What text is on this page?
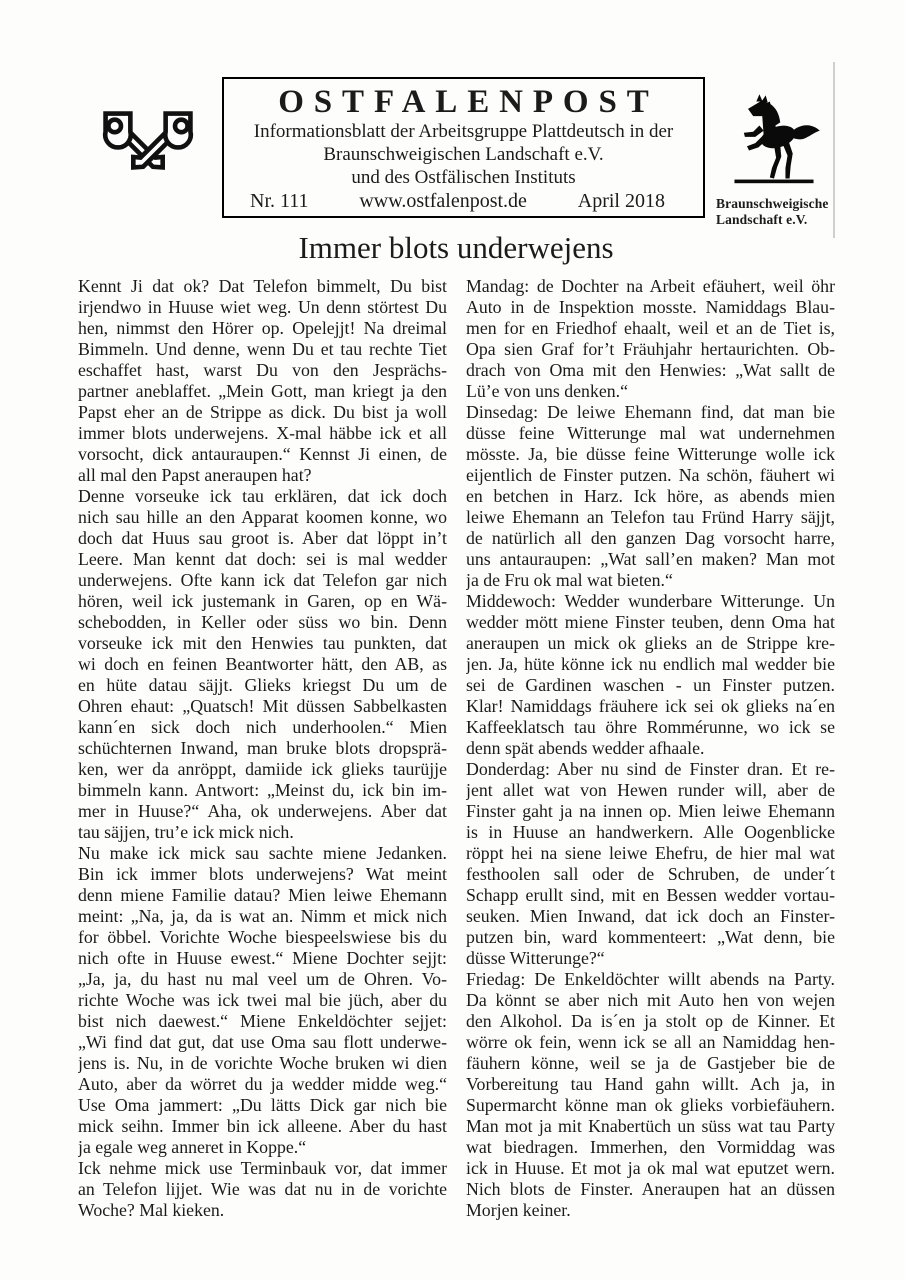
OSTFALENPOST
Informationsblatt der Arbeitsgruppe Plattdeutsch in der
Braunschweigischen Landschaft e.V.
und des Ostfälischen Instituts
Nr. 111	www.ostfalenpost.de	April 2018	Braunschweigische
Landschaft e.V.
Immer blots underwejens
Kennt Ji dat ok? Dat Telefon bimmelt, Du bist
irjendwo in Huuse wiet weg. Un denn störtest Du
hen, nimmst den Hörer op. Opelejjt! Na dreimal
Bimmeln. Und denne, wenn Du et tau rechte Tiet
eschaffet hast, warst Du von den Jesprächs-
partner aneblaffet. „Mein Gott, man kriegt ja den
Papst eher an de Strippe as dick. Du bist ja woll
immer blots underwejens. X-mal häbbe ick et all
vorsocht, dick antauraupen.“ Kennst Ji einen, de
all mal den Papst aneraupen hat?
Denne vorseuke ick tau erklären, dat ick doch
nich sau hille an den Apparat koomen konne, wo
doch dat Huus sau groot is. Aber dat löppt in’t
Leere. Man kennt dat doch: sei is mal wedder
underwejens. Ofte kann ick dat Telefon gar nich
hören, weil ick justemank in Garen, op en Wä-
schebodden, in Keller oder süss wo bin. Denn
vorseuke ick mit den Henwies tau punkten, dat
wi doch en feinen Beantworter hätt, den AB, as
en hüte datau säjjt. Glieks kriegst Du um de
Ohren ehaut: „Quatsch! Mit düssen Sabbelkasten
kann´en sick doch nich underhoolen.“ Mien
schüchternen Inwand, man bruke blots dropsprä-
ken, wer da anröppt, damiide ick glieks taurüjje
bimmeln kann. Antwort: „Meinst du, ick bin im-
mer in Huuse?“ Aha, ok underwejens. Aber dat
tau säjjen, tru’e ick mick nich.
Nu make ick mick sau sachte miene Jedanken.
Bin ick immer blots underwejens? Wat meint
denn miene Familie datau? Mien leiwe Ehemann
meint: „Na, ja, da is wat an. Nimm et mick nich
for öbbel. Vorichte Woche biespeelswiese bis du
nich ofte in Huuse ewest.“ Miene Dochter sejjt:
„Ja, ja, du hast nu mal veel um de Ohren. Vo-
richte Woche was ick twei mal bie jüch, aber du
bist nich daewest.“ Miene Enkeldöchter sejjet:
„Wi find dat gut, dat use Oma sau flott underwe-
jens is. Nu, in de vorichte Woche bruken wi dien
Auto, aber da wörret du ja wedder midde weg.“
Use Oma jammert: „Du lätts Dick gar nich bie
mick seihn. Immer bin ick alleene. Aber du hast
ja egale weg anneret in Koppe.“
Ick nehme mick use Terminbauk vor, dat immer
an Telefon lijjet. Wie was dat nu in de vorichte
Woche? Mal kieken.
Mandag: de Dochter na Arbeit efäuhert, weil öhr
Auto in de Inspektion mosste. Namiddags Blau-
men for en Friedhof ehaalt, weil et an de Tiet is,
Opa sien Graf for’t Fräuhjahr hertaurichten. Ob-
drach von Oma mit den Henwies: „Wat sallt de
Lü’e von uns denken.“
Dinsedag: De leiwe Ehemann find, dat man bie
düsse feine Witterunge mal wat undernehmen
mösste. Ja, bie düsse feine Witterunge wolle ick
eijentlich de Finster putzen. Na schön, fäuhert wi
en betchen in Harz. Ick höre, as abends mien
leiwe Ehemann an Telefon tau Fründ Harry säjjt,
de natürlich all den ganzen Dag vorsocht harre,
uns antauraupen: „Wat sall’en maken? Man mot
ja de Fru ok mal wat bieten.“
Middewoch: Wedder wunderbare Witterunge. Un
wedder mött miene Finster teuben, denn Oma hat
aneraupen un mick ok glieks an de Strippe kre-
jen. Ja, hüte könne ick nu endlich mal wedder bie
sei de Gardinen waschen - un Finster putzen.
Klar! Namiddags fräuhere ick sei ok glieks na´en
Kaffeeklatsch tau öhre Rommérunne, wo ick se
denn spät abends wedder afhaale.
Donderdag: Aber nu sind de Finster dran. Et re-
jent allet wat von Hewen runder will, aber de
Finster gaht ja na innen op. Mien leiwe Ehemann
is in Huuse an handwerkern. Alle Oogenblicke
röppt hei na siene leiwe Ehefru, de hier mal wat
festhoolen sall oder de Schruben, de under´t
Schapp erullt sind, mit en Bessen wedder vortau-
seuken. Mien Inwand, dat ick doch an Finster-
putzen bin, ward kommenteert: „Wat denn, bie
düsse Witterunge?“
Friedag: De Enkeldöchter willt abends na Party.
Da könnt se aber nich mit Auto hen von wejen
den Alkohol. Da is´en ja stolt op de Kinner. Et
wörre ok fein, wenn ick se all an Namiddag hen-
fäuhern könne, weil se ja de Gastjeber bie de
Vorbereitung tau Hand gahn willt. Ach ja, in
Supermarcht könne man ok glieks vorbiefäuhern.
Man mot ja mit Knabertüch un süss wat tau Party
wat biedragen. Immerhen, den Vormiddag was
ick in Huuse. Et mot ja ok mal wat eputzet wern.
Nich blots de Finster. Aneraupen hat an düssen
Morjen keiner.
